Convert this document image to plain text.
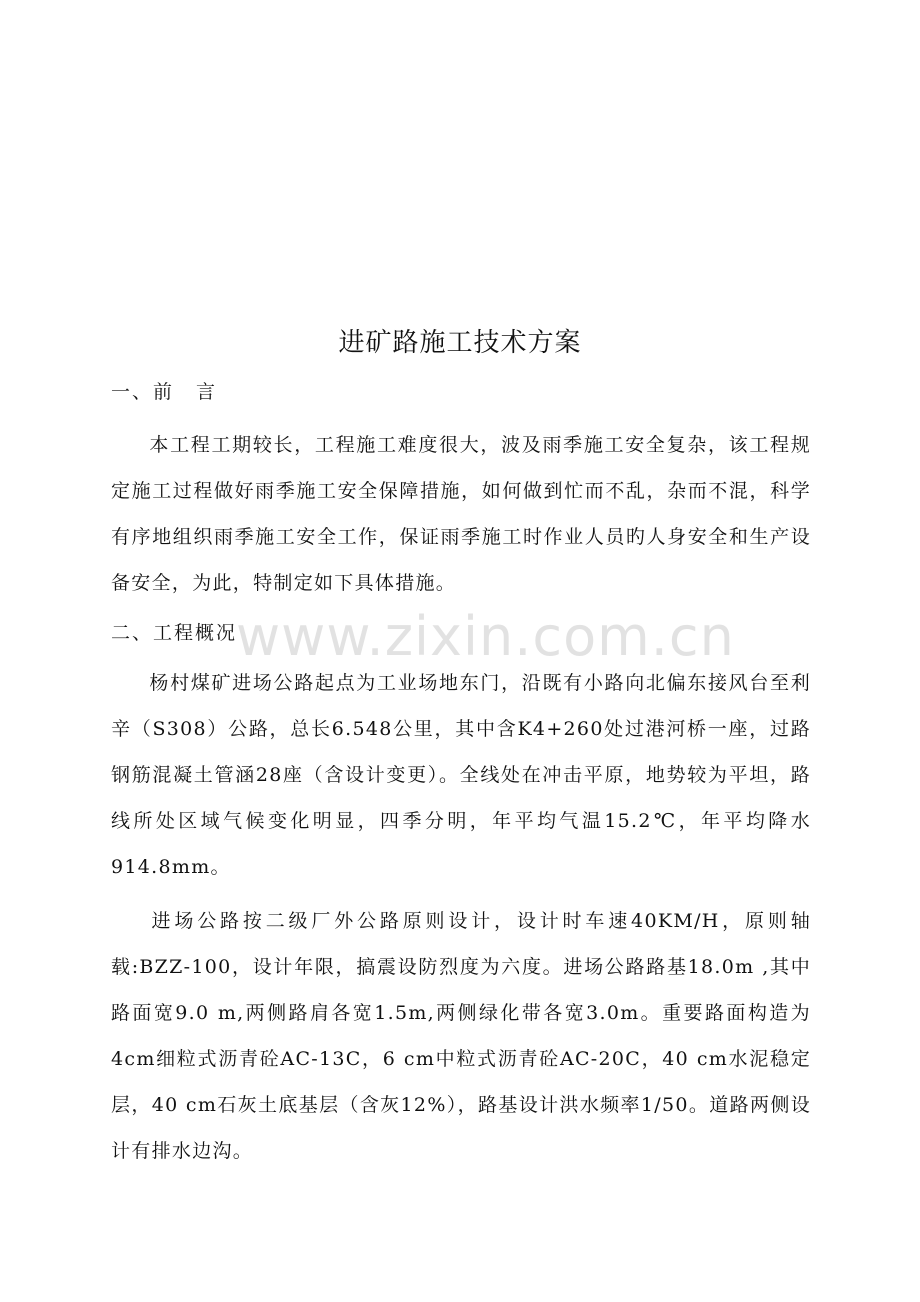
www.zixin.com.cn
进矿路施工技术方案
一、前 言
本工程工期较长，工程施工难度很大，波及雨季施工安全复杂，该工程规定施工过程做好雨季施工安全保障措施，如何做到忙而不乱，杂而不混，科学有序地组织雨季施工安全工作，保证雨季施工时作业人员旳人身安全和生产设备安全，为此，特制定如下具体措施。
二、工程概况
杨村煤矿进场公路起点为工业场地东门，沿既有小路向北偏东接风台至利辛（S308）公路，总长6.548公里，其中含K4+260处过港河桥一座，过路钢筋混凝土管涵28座（含设计变更）。全线处在冲击平原，地势较为平坦，路线所处区域气候变化明显，四季分明，年平均气温15.2℃，年平均降水914.8mm。
进场公路按二级厂外公路原则设计，设计时车速40KM/H，原则轴载:BZZ-100，设计年限，搞震设防烈度为六度。进场公路路基18.0m ,其中路面宽9.0 m,两侧路肩各宽1.5m,两侧绿化带各宽3.0m。重要路面构造为4cm细粒式沥青砼AC-13C，6 cm中粒式沥青砼AC-20C，40 cm水泥稳定层，40 cm石灰土底基层（含灰12%），路基设计洪水频率1/50。道路两侧设计有排水边沟。
